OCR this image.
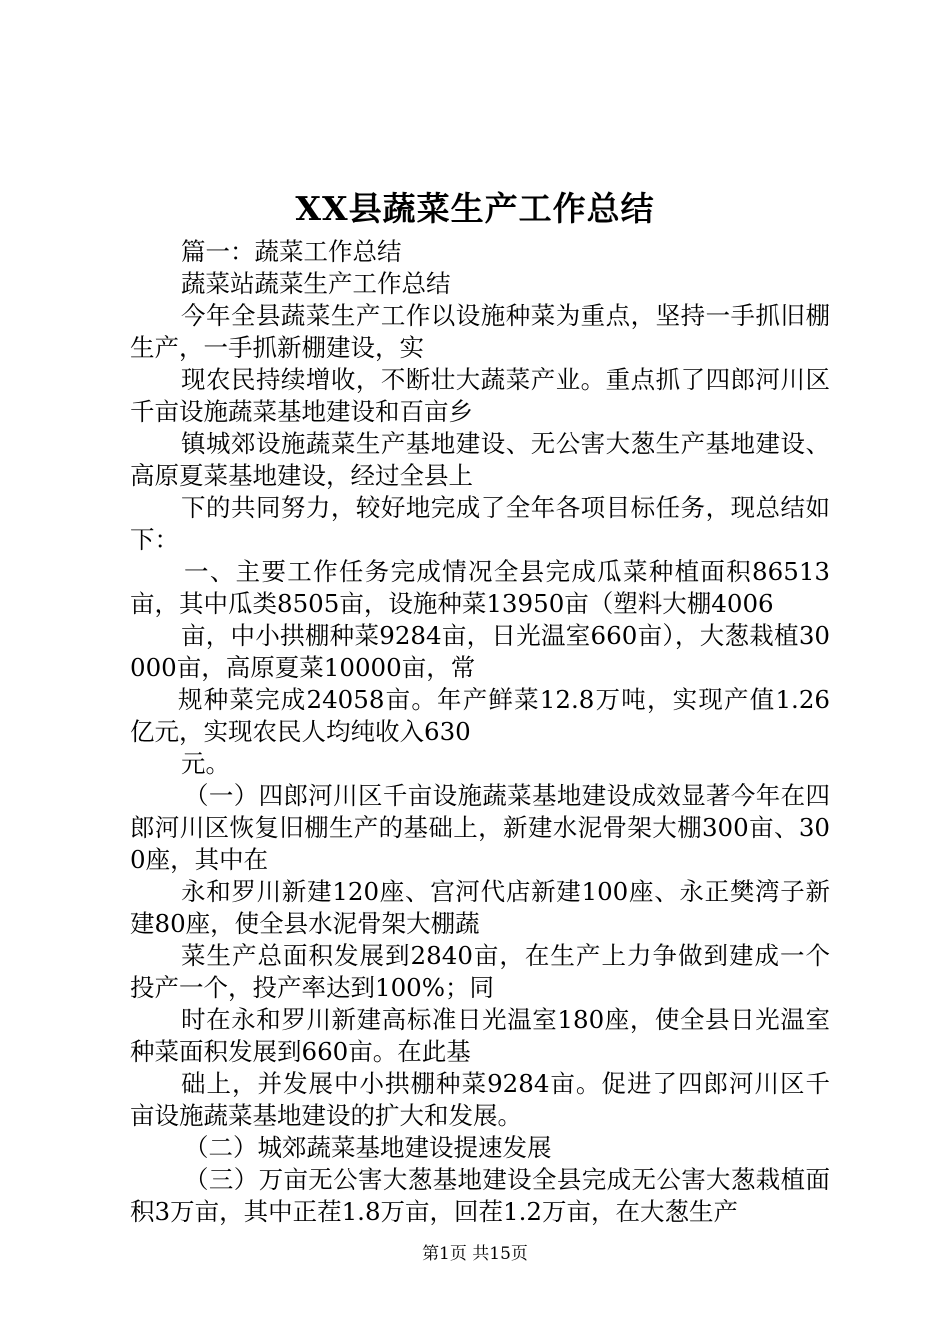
XX县蔬菜生产工作总结

篇一：蔬菜工作总结

蔬菜站蔬菜生产工作总结

今年全县蔬菜生产工作以设施种菜为重点，坚持一手抓旧棚生产，一手抓新棚建设，实

现农民持续增收，不断壮大蔬菜产业。重点抓了四郎河川区千亩设施蔬菜基地建设和百亩乡

镇城郊设施蔬菜生产基地建设、无公害大葱生产基地建设、高原夏菜基地建设，经过全县上

下的共同努力，较好地完成了全年各项目标任务，现总结如下：

一、主要工作任务完成情况全县完成瓜菜种植面积86513亩，其中瓜类8505亩，设施种菜13950亩（塑料大棚4006

亩，中小拱棚种菜9284亩，日光温室660亩），大葱栽植30000亩，高原夏菜10000亩，常

规种菜完成24058亩。年产鲜菜12.8万吨，实现产值1.26亿元，实现农民人均纯收入630

元。

（一）四郎河川区千亩设施蔬菜基地建设成效显著今年在四郎河川区恢复旧棚生产的基础上，新建水泥骨架大棚300亩、300座，其中在

永和罗川新建120座、宫河代店新建100座、永正樊湾子新建80座，使全县水泥骨架大棚蔬

菜生产总面积发展到2840亩，在生产上力争做到建成一个投产一个，投产率达到100%；同

时在永和罗川新建高标准日光温室180座，使全县日光温室种菜面积发展到660亩。在此基

础上，并发展中小拱棚种菜9284亩。促进了四郎河川区千亩设施蔬菜基地建设的扩大和发展。

（二）城郊蔬菜基地建设提速发展

（三）万亩无公害大葱基地建设全县完成无公害大葱栽植面积3万亩，其中正茬1.8万亩，回茬1.2万亩，在大葱生产

第1页 共15页
